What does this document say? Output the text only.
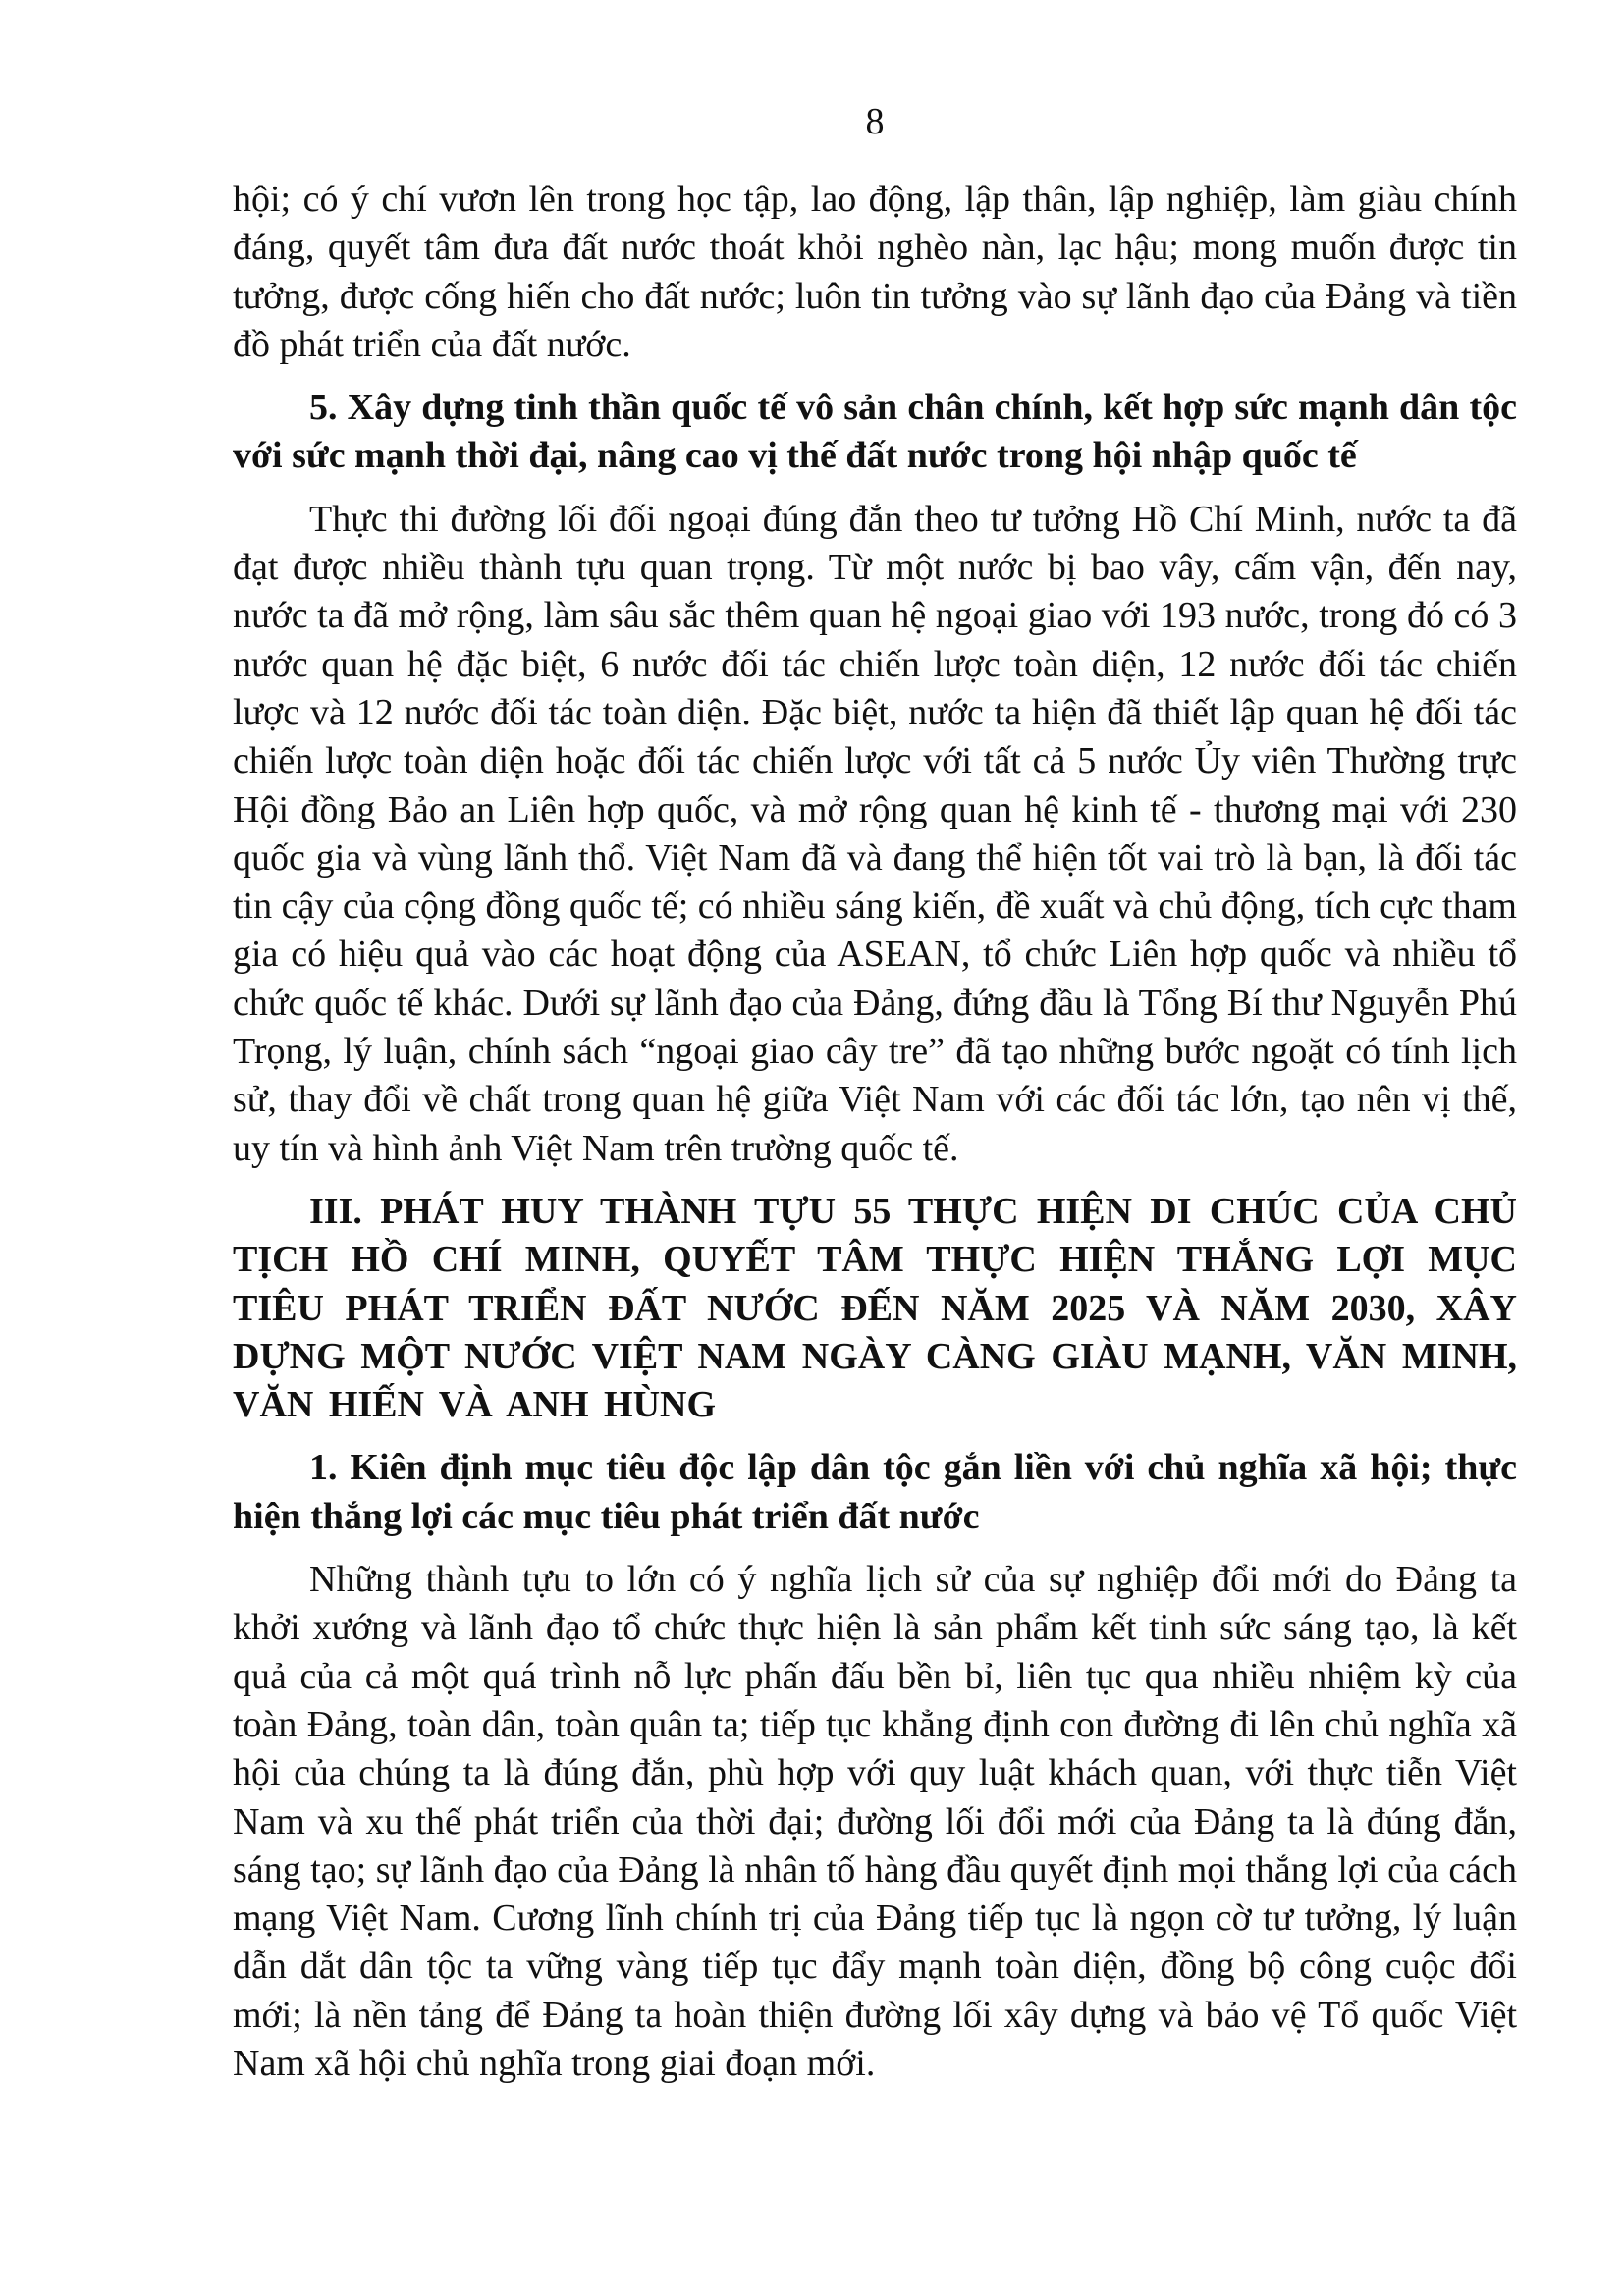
8

hội; có ý chí vươn lên trong học tập, lao động, lập thân, lập nghiệp, làm giàu chính đáng, quyết tâm đưa đất nước thoát khỏi nghèo nàn, lạc hậu; mong muốn được tin tưởng, được cống hiến cho đất nước; luôn tin tưởng vào sự lãnh đạo của Đảng và tiền đồ phát triển của đất nước.

5. Xây dựng tinh thần quốc tế vô sản chân chính, kết hợp sức mạnh dân tộc với sức mạnh thời đại, nâng cao vị thế đất nước trong hội nhập quốc tế

Thực thi đường lối đối ngoại đúng đắn theo tư tưởng Hồ Chí Minh, nước ta đã đạt được nhiều thành tựu quan trọng. Từ một nước bị bao vây, cấm vận, đến nay, nước ta đã mở rộng, làm sâu sắc thêm quan hệ ngoại giao với 193 nước, trong đó có 3 nước quan hệ đặc biệt, 6 nước đối tác chiến lược toàn diện, 12 nước đối tác chiến lược và 12 nước đối tác toàn diện. Đặc biệt, nước ta hiện đã thiết lập quan hệ đối tác chiến lược toàn diện hoặc đối tác chiến lược với tất cả 5 nước Ủy viên Thường trực Hội đồng Bảo an Liên hợp quốc, và mở rộng quan hệ kinh tế - thương mại với 230 quốc gia và vùng lãnh thổ. Việt Nam đã và đang thể hiện tốt vai trò là bạn, là đối tác tin cậy của cộng đồng quốc tế; có nhiều sáng kiến, đề xuất và chủ động, tích cực tham gia có hiệu quả vào các hoạt động của ASEAN, tổ chức Liên hợp quốc và nhiều tổ chức quốc tế khác. Dưới sự lãnh đạo của Đảng, đứng đầu là Tổng Bí thư Nguyễn Phú Trọng, lý luận, chính sách “ngoại giao cây tre” đã tạo những bước ngoặt có tính lịch sử, thay đổi về chất trong quan hệ giữa Việt Nam với các đối tác lớn, tạo nên vị thế, uy tín và hình ảnh Việt Nam trên trường quốc tế.

III. PHÁT HUY THÀNH TỰU 55 THỰC HIỆN DI CHÚC CỦA CHỦ TỊCH HỒ CHÍ MINH, QUYẾT TÂM THỰC HIỆN THẮNG LỢI MỤC TIÊU PHÁT TRIỂN ĐẤT NƯỚC ĐẾN NĂM 2025 VÀ NĂM 2030, XÂY DỰNG MỘT NƯỚC VIỆT NAM NGÀY CÀNG GIÀU MẠNH, VĂN MINH, VĂN HIẾN VÀ ANH HÙNG

1. Kiên định mục tiêu độc lập dân tộc gắn liền với chủ nghĩa xã hội; thực hiện thắng lợi các mục tiêu phát triển đất nước

Những thành tựu to lớn có ý nghĩa lịch sử của sự nghiệp đổi mới do Đảng ta khởi xướng và lãnh đạo tổ chức thực hiện là sản phẩm kết tinh sức sáng tạo, là kết quả của cả một quá trình nỗ lực phấn đấu bền bỉ, liên tục qua nhiều nhiệm kỳ của toàn Đảng, toàn dân, toàn quân ta; tiếp tục khẳng định con đường đi lên chủ nghĩa xã hội của chúng ta là đúng đắn, phù hợp với quy luật khách quan, với thực tiễn Việt Nam và xu thế phát triển của thời đại; đường lối đổi mới của Đảng ta là đúng đắn, sáng tạo; sự lãnh đạo của Đảng là nhân tố hàng đầu quyết định mọi thắng lợi của cách mạng Việt Nam. Cương lĩnh chính trị của Đảng tiếp tục là ngọn cờ tư tưởng, lý luận dẫn dắt dân tộc ta vững vàng tiếp tục đẩy mạnh toàn diện, đồng bộ công cuộc đổi mới; là nền tảng để Đảng ta hoàn thiện đường lối xây dựng và bảo vệ Tổ quốc Việt Nam xã hội chủ nghĩa trong giai đoạn mới.
